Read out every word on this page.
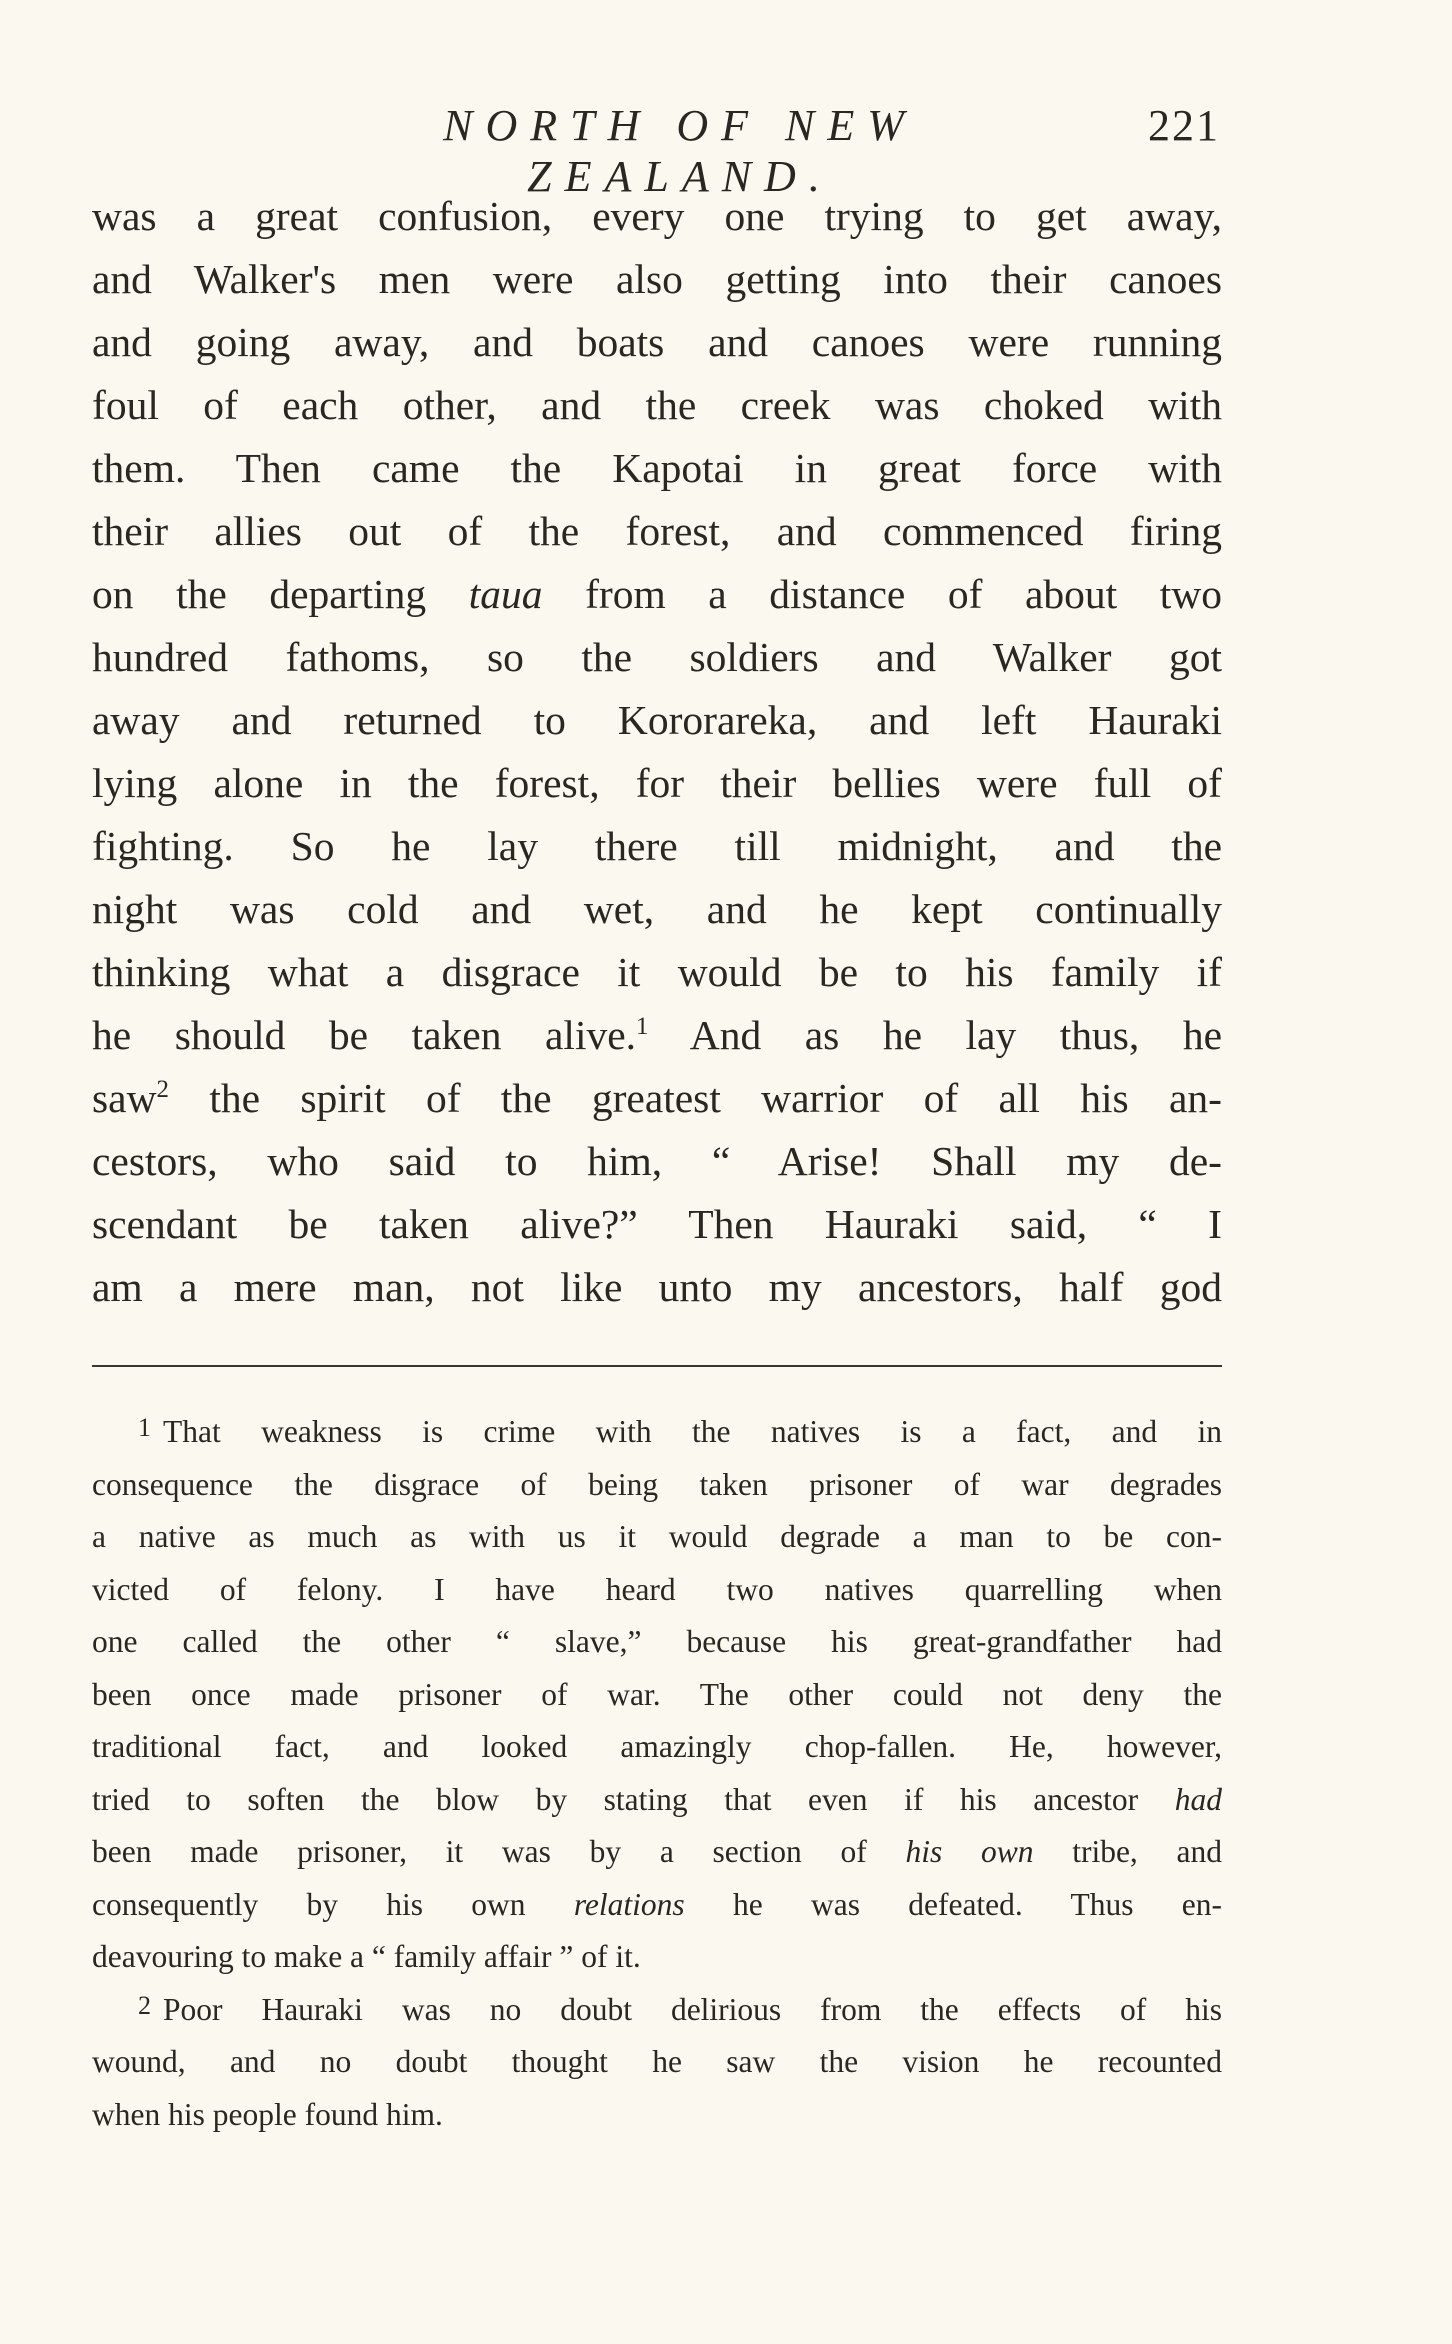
NORTH OF NEW ZEALAND.
221
was a great confusion, every one trying to get away,
and Walker's men were also getting into their canoes
and going away, and boats and canoes were running
foul of each other, and the creek was choked with
them. Then came the Kapotai in great force with
their allies out of the forest, and commenced firing
on the departing taua from a distance of about two
hundred fathoms, so the soldiers and Walker got
away and returned to Kororareka, and left Hauraki
lying alone in the forest, for their bellies were full of
fighting. So he lay there till midnight, and the
night was cold and wet, and he kept continually
thinking what a disgrace it would be to his family if
he should be taken alive.$^1$ And as he lay thus, he
saw$^2$ the spirit of the greatest warrior of all his an-
cestors, who said to him, “ Arise! Shall my de-
scendant be taken alive?” Then Hauraki said, “ I
am a mere man, not like unto my ancestors, half god
1 That weakness is crime with the natives is a fact, and in
consequence the disgrace of being taken prisoner of war degrades
a native as much as with us it would degrade a man to be con-
victed of felony. I have heard two natives quarrelling when
one called the other “ slave,” because his great-grandfather had
been once made prisoner of war. The other could not deny the
traditional fact, and looked amazingly chop-fallen. He, however,
tried to soften the blow by stating that even if his ancestor had
been made prisoner, it was by a section of his own tribe, and
consequently by his own relations he was defeated. Thus en-
deavouring to make a “ family affair ” of it.
2 Poor Hauraki was no doubt delirious from the effects of his
wound, and no doubt thought he saw the vision he recounted
when his people found him.
